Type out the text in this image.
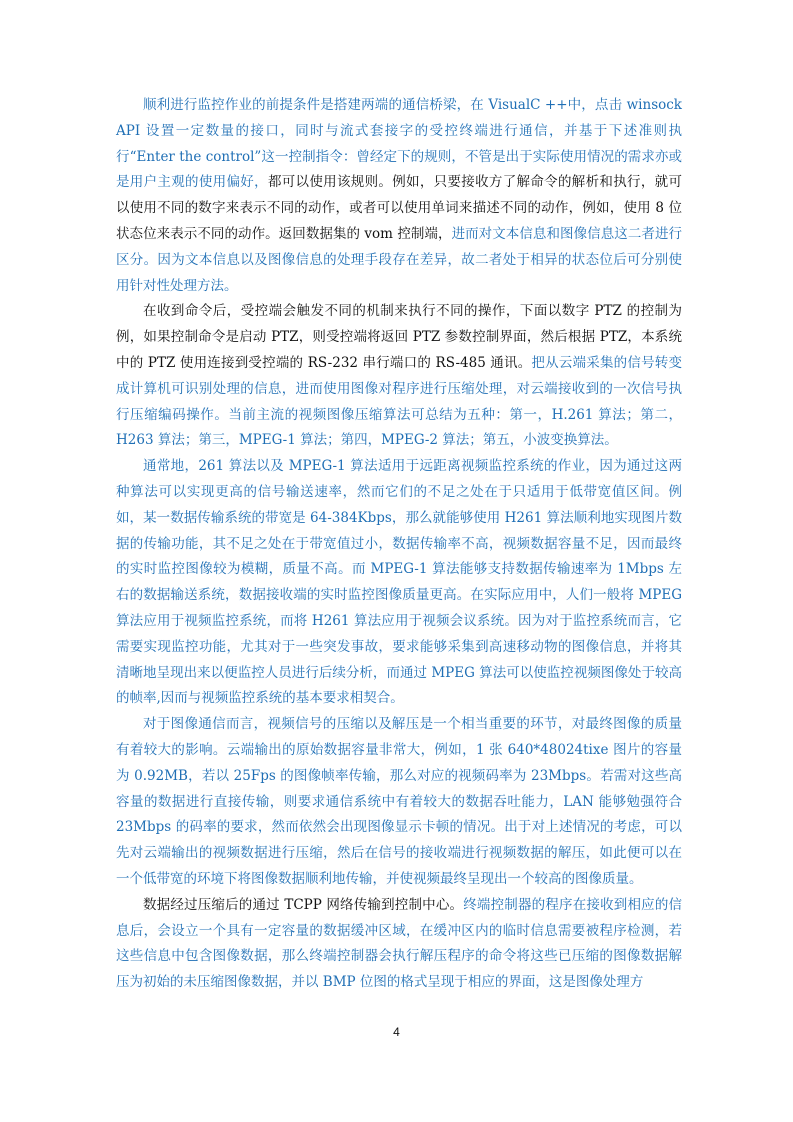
顺利进行监控作业的前提条件是搭建两端的通信桥梁，在 VisualC ++中，点击 winsock API 设置一定数量的接口，同时与流式套接字的受控终端进行通信，并基于下述准则执行“Enter the control”这一控制指令：曾经定下的规则，不管是出于实际使用情况的需求亦或是用户主观的使用偏好，都可以使用该规则。例如，只要接收方了解命令的解析和执行，就可以使用不同的数字来表示不同的动作，或者可以使用单词来描述不同的动作，例如，使用 8 位状态位来表示不同的动作。返回数据集的 vom 控制端，进而对文本信息和图像信息这二者进行区分。因为文本信息以及图像信息的处理手段存在差异，故二者处于相异的状态位后可分别使用针对性处理方法。

在收到命令后，受控端会触发不同的机制来执行不同的操作，下面以数字 PTZ 的控制为例，如果控制命令是启动 PTZ，则受控端将返回 PTZ 参数控制界面，然后根据 PTZ，本系统中的 PTZ 使用连接到受控端的 RS-232 串行端口的 RS-485 通讯。把从云端采集的信号转变成计算机可识别处理的信息，进而使用图像对程序进行压缩处理，对云端接收到的一次信号执行压缩编码操作。当前主流的视频图像压缩算法可总结为五种：第一，H.261 算法；第二，H263 算法；第三，MPEG-1 算法；第四，MPEG-2 算法；第五，小波变换算法。

通常地，261 算法以及 MPEG-1 算法适用于远距离视频监控系统的作业，因为通过这两种算法可以实现更高的信号输送速率，然而它们的不足之处在于只适用于低带宽值区间。例如，某一数据传输系统的带宽是 64-384Kbps，那么就能够使用 H261 算法顺利地实现图片数据的传输功能，其不足之处在于带宽值过小，数据传输率不高，视频数据容量不足，因而最终的实时监控图像较为模糊，质量不高。而 MPEG-1 算法能够支持数据传输速率为 1Mbps 左右的数据输送系统，数据接收端的实时监控图像质量更高。在实际应用中，人们一般将 MPEG 算法应用于视频监控系统，而将 H261 算法应用于视频会议系统。因为对于监控系统而言，它需要实现监控功能，尤其对于一些突发事故，要求能够采集到高速移动物的图像信息，并将其清晰地呈现出来以便监控人员进行后续分析，而通过 MPEG 算法可以使监控视频图像处于较高的帧率,因而与视频监控系统的基本要求相契合。

对于图像通信而言，视频信号的压缩以及解压是一个相当重要的环节，对最终图像的质量有着较大的影响。云端输出的原始数据容量非常大，例如，1 张 640*48024tixe 图片的容量为 0.92MB，若以 25Fps 的图像帧率传输，那么对应的视频码率为 23Mbps。若需对这些高容量的数据进行直接传输，则要求通信系统中有着较大的数据吞吐能力，LAN 能够勉强符合 23Mbps 的码率的要求，然而依然会出现图像显示卡顿的情况。出于对上述情况的考虑，可以先对云端输出的视频数据进行压缩，然后在信号的接收端进行视频数据的解压，如此便可以在一个低带宽的环境下将图像数据顺利地传输，并使视频最终呈现出一个较高的图像质量。

数据经过压缩后的通过 TCPP 网络传输到控制中心。终端控制器的程序在接收到相应的信息后，会设立一个具有一定容量的数据缓冲区域，在缓冲区内的临时信息需要被程序检测，若这些信息中包含图像数据，那么终端控制器会执行解压程序的命令将这些已压缩的图像数据解压为初始的未压缩图像数据，并以 BMP 位图的格式呈现于相应的界面，这是图像处理方

4
